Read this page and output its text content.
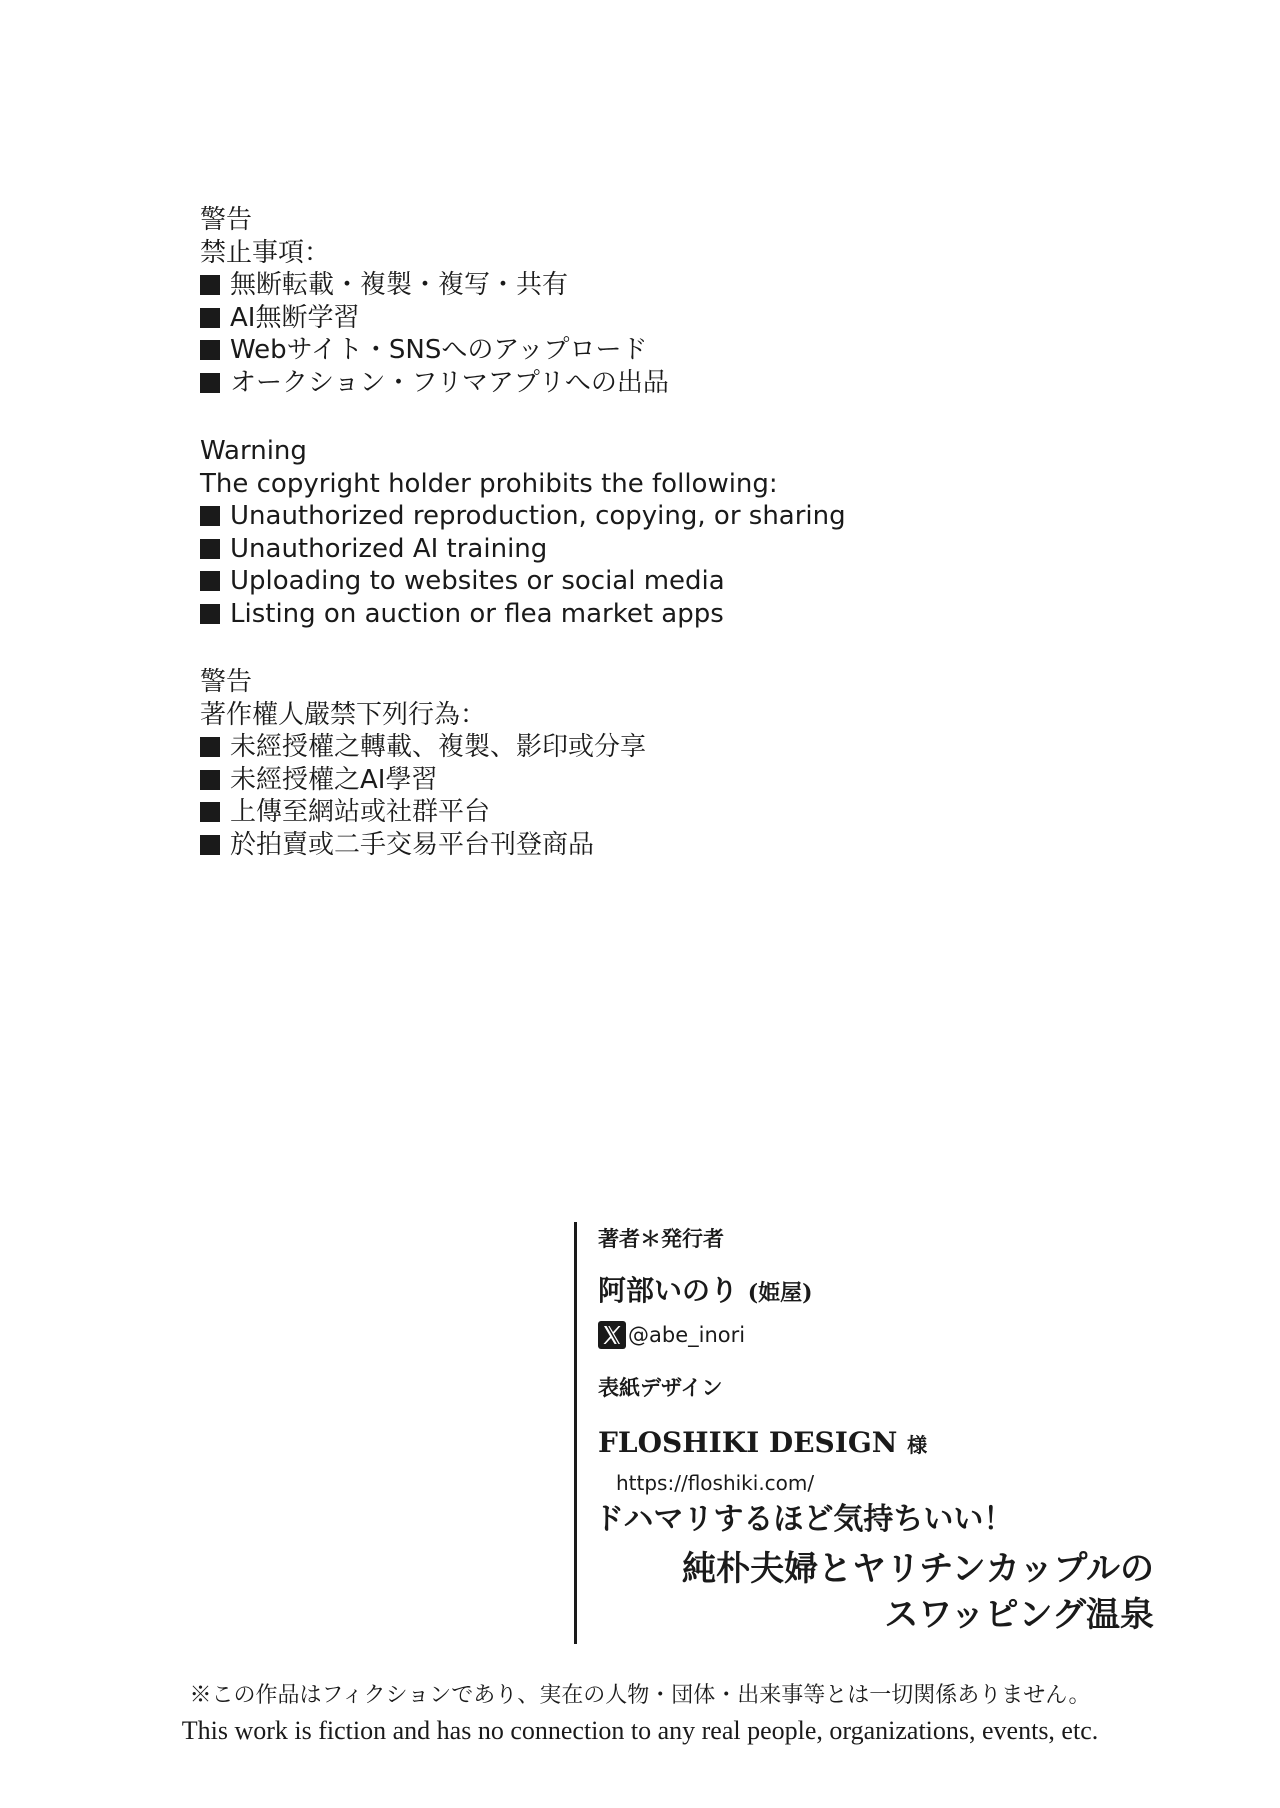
警告
禁止事項：
無断転載・複製・複写・共有
AI無断学習
Webサイト・SNSへのアップロード
オークション・フリマアプリへの出品
Warning
The copyright holder prohibits the following:
Unauthorized reproduction, copying, or sharing
Unauthorized AI training
Uploading to websites or social media
Listing on auction or flea market apps
警告
著作權人嚴禁下列行為：
未經授權之轉載、複製、影印或分享
未經授權之AI學習
上傳至網站或社群平台
於拍賣或二手交易平台刊登商品
著者＊発行者
阿部いのり (姫屋)
@abe_inori
表紙デザイン
FLOSHIKI DESIGN 様
https://floshiki.com/
ドハマリするほど気持ちいい！
純朴夫婦とヤリチンカップルの
スワッピング温泉
※この作品はフィクションであり、実在の人物・団体・出来事等とは一切関係ありません。
This work is fiction and has no connection to any real people, organizations, events, etc.
